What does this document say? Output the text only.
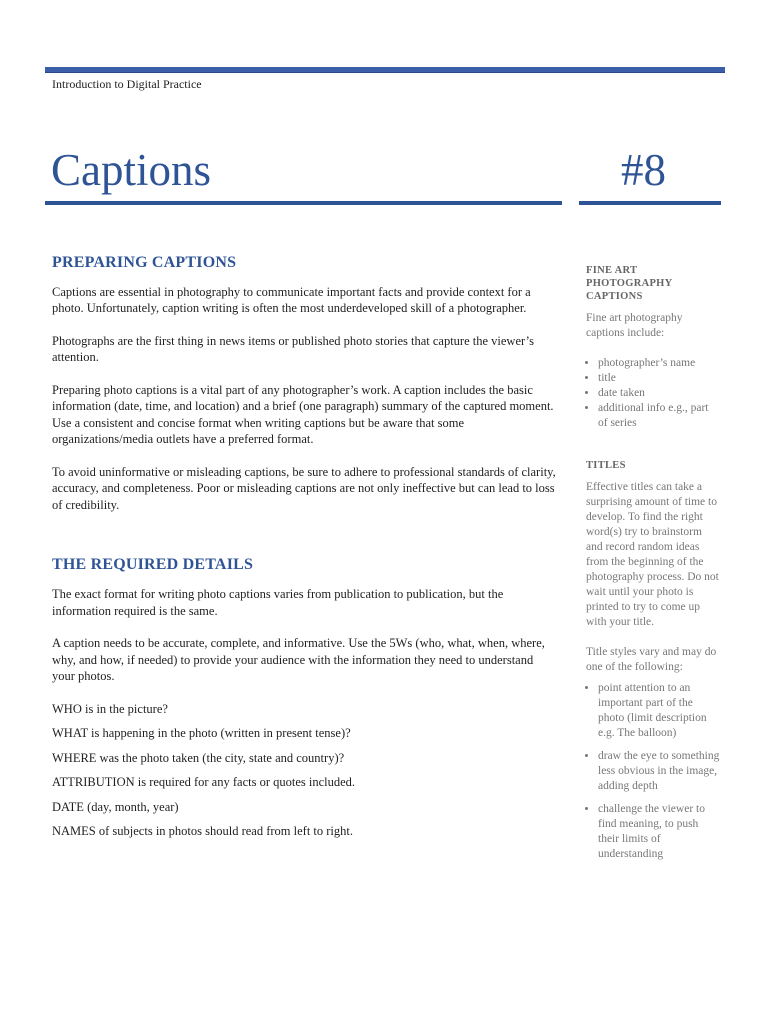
Introduction to Digital Practice
Captions	#8
PREPARING CAPTIONS

Captions are essential in photography to communicate important facts and provide context for a photo. Unfortunately, caption writing is often the most underdeveloped skill of a photographer.

Photographs are the first thing in news items or published photo stories that capture the viewer’s attention.

Preparing photo captions is a vital part of any photographer’s work. A caption includes the basic information (date, time, and location) and a brief (one paragraph) summary of the captured moment. Use a consistent and concise format when writing captions but be aware that some organizations/media outlets have a preferred format.

To avoid uninformative or misleading captions, be sure to adhere to professional standards of clarity, accuracy, and completeness. Poor or misleading captions are not only ineffective but can lead to loss of credibility.

THE REQUIRED DETAILS

The exact format for writing photo captions varies from publication to publication, but the information required is the same.

A caption needs to be accurate, complete, and informative. Use the 5Ws (who, what, when, where, why, and how, if needed) to provide your audience with the information they need to understand your photos.

WHO is in the picture?

WHAT is happening in the photo (written in present tense)?

WHERE was the photo taken (the city, state and country)?

ATTRIBUTION is required for any facts or quotes included.

DATE (day, month, year)

NAMES of subjects in photos should read from left to right.

FINE ART PHOTOGRAPHY CAPTIONS

Fine art photography captions include:

• photographer’s name
• title
• date taken
• additional info e.g., part of series
TITLES

Effective titles can take a surprising amount of time to develop. To find the right word(s) try to brainstorm and record random ideas from the beginning of the photography process. Do not wait until your photo is printed to try to come up with your title.

Title styles vary and may do one of the following:

• point attention to an important part of the photo (limit description e.g. The balloon)
• draw the eye to something less obvious in the image, adding depth
• challenge the viewer to find meaning, to push their limits of understanding
